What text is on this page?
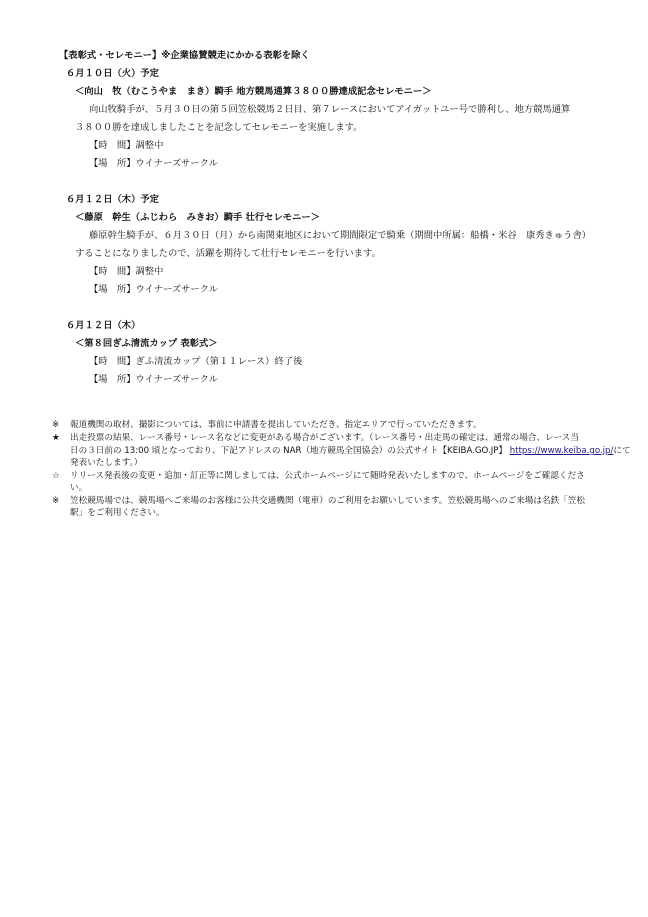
【表彰式・セレモニー】※企業協賛競走にかかる表彰を除く
６月１０日（火）予定
＜向山　牧（むこうやま　まき）騎手 地方競馬通算３８００勝達成記念セレモニー＞
向山牧騎手が、５月３０日の第５回笠松競馬２日目、第７レースにおいてアイガットユー号で勝利し、地方競馬通算
３８００勝を達成しましたことを記念してセレモニーを実施します。
【時　間】調整中
【場　所】ウイナーズサークル
６月１２日（木）予定
＜藤原　幹生（ふじわら　みきお）騎手 壮行セレモニー＞
藤原幹生騎手が、６月３０日（月）から南関東地区において期間限定で騎乗（期間中所属：船橋・米谷　康秀きゅう舎）
することになりましたので、活躍を期待して壮行セレモニーを行います。
【時　間】調整中
【場　所】ウイナーズサークル
６月１２日（木）
＜第８回ぎふ清流カップ 表彰式＞
【時　間】ぎふ清流カップ（第１１レース）終了後
【場　所】ウイナーズサークル
※ 報道機関の取材、撮影については、事前に申請書を提出していただき、指定エリアで行っていただきます。
★ 出走投票の結果、レース番号・レース名などに変更がある場合がございます。（レース番号・出走馬の確定は、通常の場合、レース当
日の３日前の 13:00 頃となっており、下記アドレスの NAR（地方競馬全国協会）の公式サイト【KEIBA.GO.JP】 https://www.keiba.go.jp/にて
発表いたします。）
☆ リリース発表後の変更・追加・訂正等に関しましては、公式ホームページにて随時発表いたしますので、ホームページをご確認くださ
い。
※ 笠松競馬場では、競馬場へご来場のお客様に公共交通機関（電車）のご利用をお願いしています。笠松競馬場へのご来場は名鉄「笠松
駅」をご利用ください。
